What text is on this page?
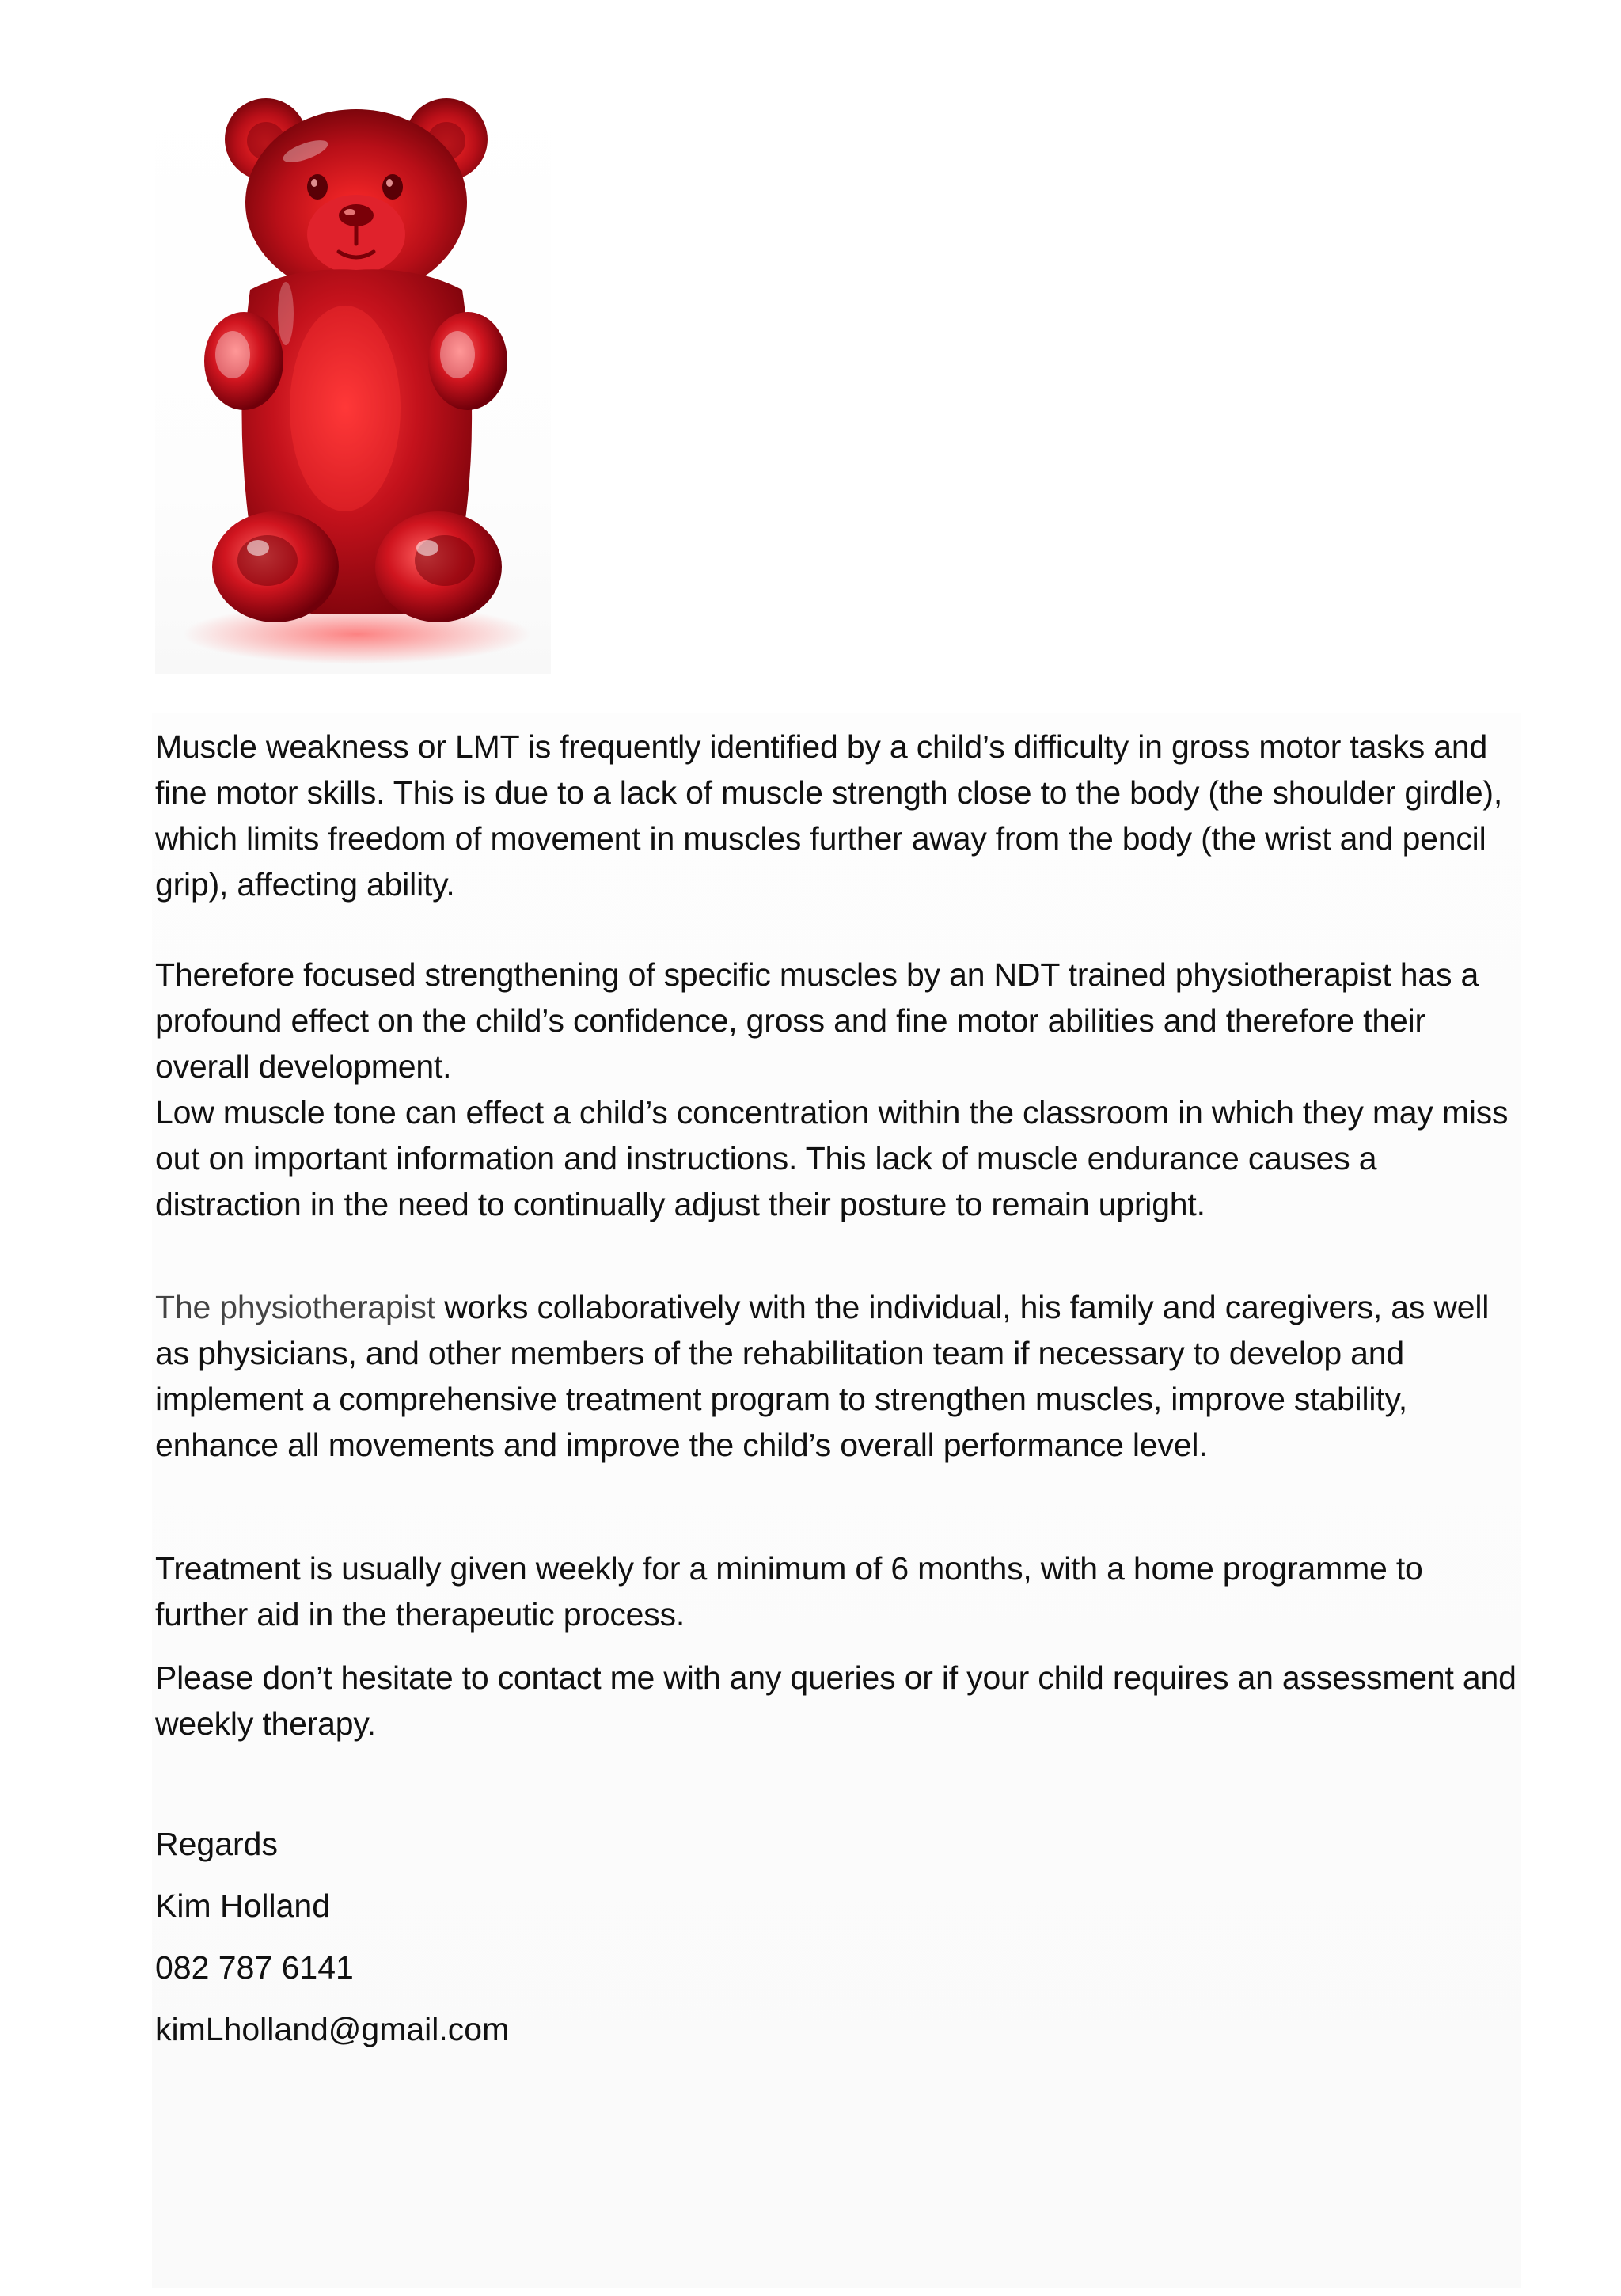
Muscle weakness or LMT is frequently identified by a child’s difficulty in gross motor tasks and fine motor skills. This is due to a lack of muscle strength close to the body (the shoulder girdle), which limits freedom of movement in muscles further away from the body (the wrist and pencil grip), affecting ability.

Therefore focused strengthening of specific muscles by an NDT trained physiotherapist has a profound effect on the child’s confidence, gross and fine motor abilities and therefore their overall development.

Low muscle tone can effect a child’s concentration within the classroom in which they may miss out on important information and instructions. This lack of muscle endurance causes a distraction in the need to continually adjust their posture to remain upright.

The physiotherapist works collaboratively with the individual, his family and caregivers, as well as physicians, and other members of the rehabilitation team if necessary to develop and implement a comprehensive treatment program to strengthen muscles, improve stability, enhance all movements and improve the child’s overall performance level.

Treatment is usually given weekly for a minimum of 6 months, with a home programme to further aid in the therapeutic process.

Please don’t hesitate to contact me with any queries or if your child requires an assessment and weekly therapy.

Regards
Kim Holland
082 787 6141
kimLholland@gmail.com
